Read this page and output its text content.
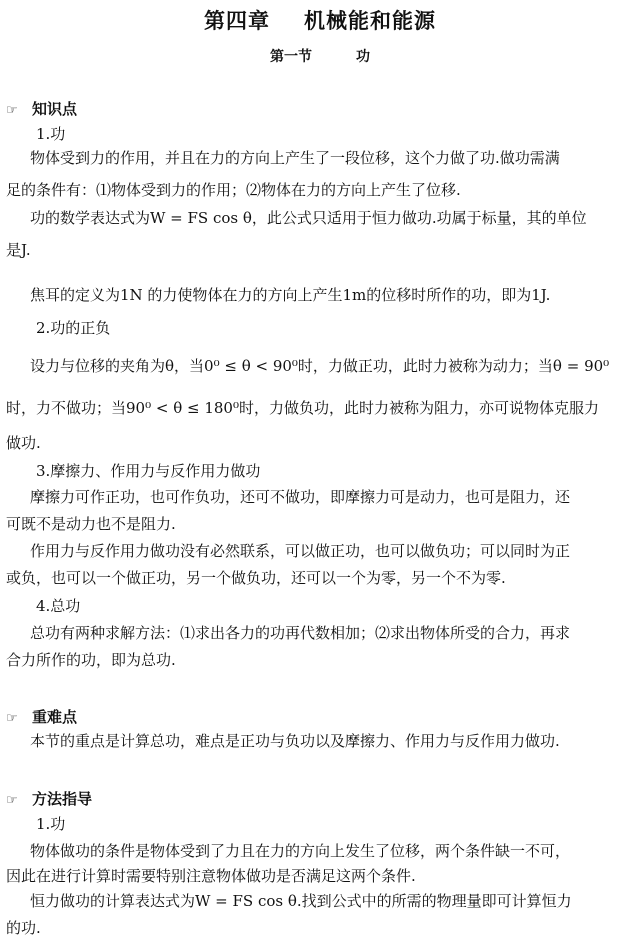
第四章 机械能和能源
第一节	功
☞ 知识点
1.功
物体受到力的作用，并且在力的方向上产生了一段位移，这个力做了功.做功需满
足的条件有：⑴物体受到力的作用；⑵物体在力的方向上产生了位移.
功的数学表达式为W = FS cos θ，此公式只适用于恒力做功.功属于标量，其的单位
是J.
焦耳的定义为1N 的力使物体在力的方向上产生1m的位移时所作的功，即为1J.
2.功的正负
设力与位移的夹角为θ，当0⁰ ≤ θ < 90⁰时，力做正功，此时力被称为动力；当θ = 90⁰
时，力不做功；当90⁰ < θ ≤ 180⁰时，力做负功，此时力被称为阻力，亦可说物体克服力
做功.
3.摩擦力、作用力与反作用力做功
摩擦力可作正功，也可作负功，还可不做功，即摩擦力可是动力，也可是阻力，还
可既不是动力也不是阻力.
作用力与反作用力做功没有必然联系，可以做正功，也可以做负功；可以同时为正
或负，也可以一个做正功，另一个做负功，还可以一个为零，另一个不为零.
4.总功
总功有两种求解方法：⑴求出各力的功再代数相加；⑵求出物体所受的合力，再求
合力所作的功，即为总功.
☞ 重难点
本节的重点是计算总功，难点是正功与负功以及摩擦力、作用力与反作用力做功.
☞ 方法指导
1.功
物体做功的条件是物体受到了力且在力的方向上发生了位移，两个条件缺一不可，
因此在进行计算时需要特别注意物体做功是否满足这两个条件.
恒力做功的计算表达式为W = FS cos θ.找到公式中的所需的物理量即可计算恒力
的功.
